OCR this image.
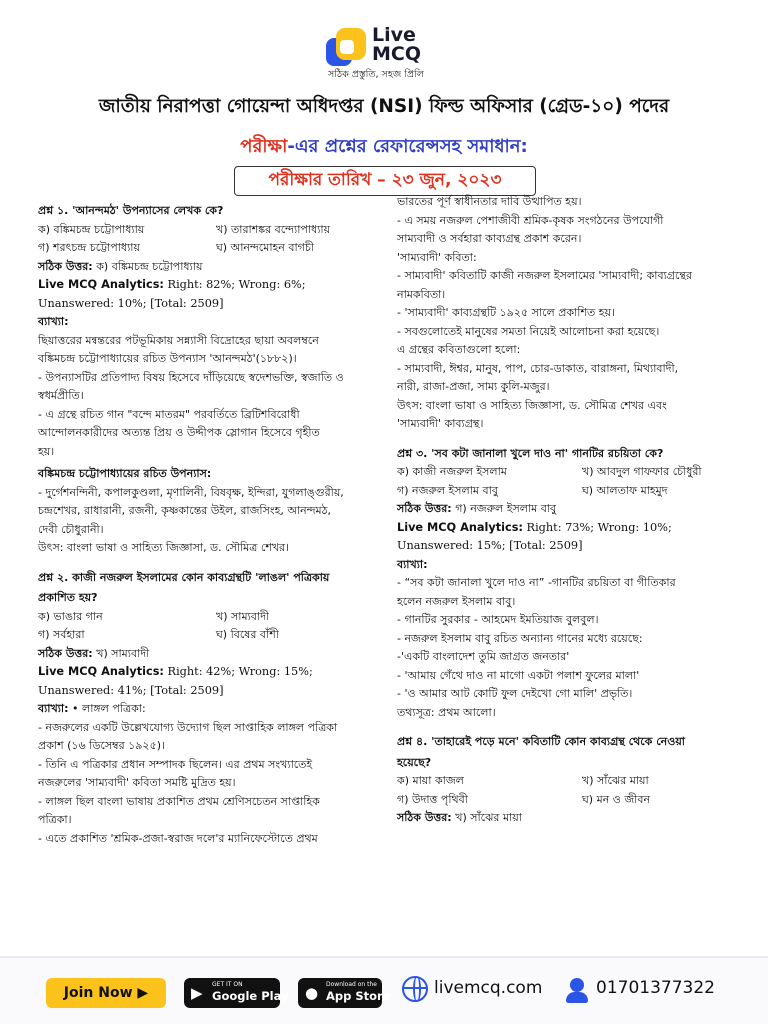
Live
MCQ
সঠিক প্রস্তুতি, সহজ প্রিলি
জাতীয় নিরাপত্তা গোয়েন্দা অধিদপ্তর (NSI) ফিল্ড অফিসার (গ্রেড-১০) পদের
পরীক্ষা-এর প্রশ্নের রেফারেন্সসহ সমাধান:
পরীক্ষার তারিখ – ২৩ জুন, ২০২৩
প্রশ্ন ১. 'আনন্দমঠ' উপন্যাসের লেখক কে?
ক) বঙ্কিমচন্দ্র চট্টোপাধ্যায়	খ) তারাশঙ্কর বন্দ্যোপাধ্যায়
গ) শরৎচন্দ্র চট্টোপাধ্যায়	ঘ) আনন্দমোহন বাগচী
সঠিক উত্তর: ক) বঙ্কিমচন্দ্র চট্টোপাধ্যায়
Live MCQ Analytics: Right: 82%; Wrong: 6%;
Unanswered: 10%; [Total: 2509]
ব্যাখ্যা:
ছিয়াত্তরের মন্বন্তরের পটভূমিকায় সন্ন্যাসী বিদ্রোহের ছায়া অবলম্বনে
বঙ্কিমচন্দ্র চট্টোপাধ্যায়ের রচিত উপন্যাস 'আনন্দমঠ'(১৮৮২)।
- উপন্যাসটির প্রতিপাদ্য বিষয় হিসেবে দাঁড়িয়েছে স্বদেশভক্তি, স্বজাতি ও
স্বধর্মপ্রীতি।
- এ গ্রন্থে রচিত গান "বন্দে মাতরম" পরবর্তিতে ব্রিটিশবিরোধী
আন্দোলনকারীদের অত্যন্ত প্রিয় ও উদ্দীপক স্লোগান হিসেবে গৃহীত
হয়।
বঙ্কিমচন্দ্র চট্টোপাধ্যায়ের রচিত উপন্যাস:
- দুর্গেশনন্দিনী, কপালকুণ্ডলা, মৃণালিনী, বিষবৃক্ষ, ইন্দিরা, যুগলাঙ্গুরীয়,
চন্দ্রশেখর, রাধারানী, রজনী, কৃষ্ণকান্তের উইল, রাজসিংহ, আনন্দমঠ,
দেবী চৌধুরানী।
উৎস: বাংলা ভাষা ও সাহিত্য জিজ্ঞাসা, ড. সৌমিত্র শেখর।
প্রশ্ন ২. কাজী নজরুল ইসলামের কোন কাব্যগ্রন্থটি 'লাঙল' পত্রিকায়
প্রকাশিত হয়?
ক) ভাঙার গান	খ) সাম্যবাদী
গ) সর্বহারা	ঘ) বিষের বাঁশী
সঠিক উত্তর: খ) সাম্যবাদী
Live MCQ Analytics: Right: 42%; Wrong: 15%;
Unanswered: 41%; [Total: 2509]
ব্যাখ্যা: • লাঙ্গল পত্রিকা:
- নজরুলের একটি উল্লেখযোগ্য উদ্যোগ ছিল সাপ্তাহিক লাঙ্গল পত্রিকা
প্রকাশ (১৬ ডিসেম্বর ১৯২৫)।
- তিনি এ পত্রিকার প্রধান সম্পাদক ছিলেন। এর প্রথম সংখ্যাতেই
নজরুলের 'সাম্যবাদী' কবিতা সমষ্টি মুদ্রিত হয়।
- লাঙ্গল ছিল বাংলা ভাষায় প্রকাশিত প্রথম শ্রেণিসচেতন সাপ্তাহিক
পত্রিকা।
- এতে প্রকাশিত 'শ্রমিক-প্রজা-স্বরাজ দলে'র ম্যানিফেস্টোতে প্রথম
ভারতের পূর্ণ স্বাধীনতার দাবি উত্থাপিত হয়।
- এ সময় নজরুল পেশাজীবী শ্রমিক-কৃষক সংগঠনের উপযোগী
সাম্যবাদী ও সর্বহারা কাব্যগ্রন্থ প্রকাশ করেন।
'সাম্যবাদী' কবিতা:
- সাম্যবাদী' কবিতাটি কাজী নজরুল ইসলামের 'সাম্যবাদী; কাব্যগ্রন্থের
নামকবিতা।
- 'সাম্যবাদী' কাব্যগ্রন্থটি ১৯২৫ সালে প্রকাশিত হয়।
- সবগুলোতেই মানুষের সমতা নিয়েই আলোচনা করা হয়েছে।
এ গ্রন্থের কবিতাগুলো হলো:
- সাম্যবাদী, ঈশ্বর, মানুষ, পাপ, চোর-ডাকাত, বারাঙ্গনা, মিথ্যাবাদী,
নারী, রাজা-প্রজা, সাম্য কুলি-মজুর।
উৎস: বাংলা ভাষা ও সাহিত্য জিজ্ঞাসা, ড. সৌমিত্র শেখর এবং
'সাম্যবাদী' কাব্যগ্রন্থ।
প্রশ্ন ৩. 'সব কটা জানালা খুলে দাও না' গানটির রচয়িতা কে?
ক) কাজী নজরুল ইসলাম	খ) আবদুল গাফফার চৌধুরী
গ) নজরুল ইসলাম বাবু	ঘ) আলতাফ মাহমুদ
সঠিক উত্তর: গ) নজরুল ইসলাম বাবু
Live MCQ Analytics: Right: 73%; Wrong: 10%;
Unanswered: 15%; [Total: 2509]
ব্যাখ্যা:
- “সব কটা জানালা খুলে দাও না” -গানটির রচয়িতা বা গীতিকার
হলেন নজরুল ইসলাম বাবু।
- গানটির সুরকার - আহমেদ ইমতিয়াজ বুলবুল।
- নজরুল ইসলাম বাবু রচিত অন্যান্য গানের মধ্যে রয়েছে:
-'একটি বাংলাদেশ তুমি জাগ্রত জনতার'
- 'আমায় গেঁথে দাও না মাগো একটা পলাশ ফুলের মালা'
- 'ও আমার আট কোটি ফুল দেইখো গো মালি' প্রভৃতি।
তথ্যসূত্র: প্রথম আলো।
প্রশ্ন ৪. 'তাহারেই পড়ে মনে' কবিতাটি কোন কাব্যগ্রন্থ থেকে নেওয়া
হয়েছে?
ক) মায়া কাজল	খ) সাঁঝের মায়া
গ) উদাত্ত পৃথিবী	ঘ) মন ও জীবন
সঠিক উত্তর: খ) সাঁঝের মায়া
Join Now ▶	▶ GET IT ON
Google Play ● Download on the
App Store	livemcq.com	01701377322
